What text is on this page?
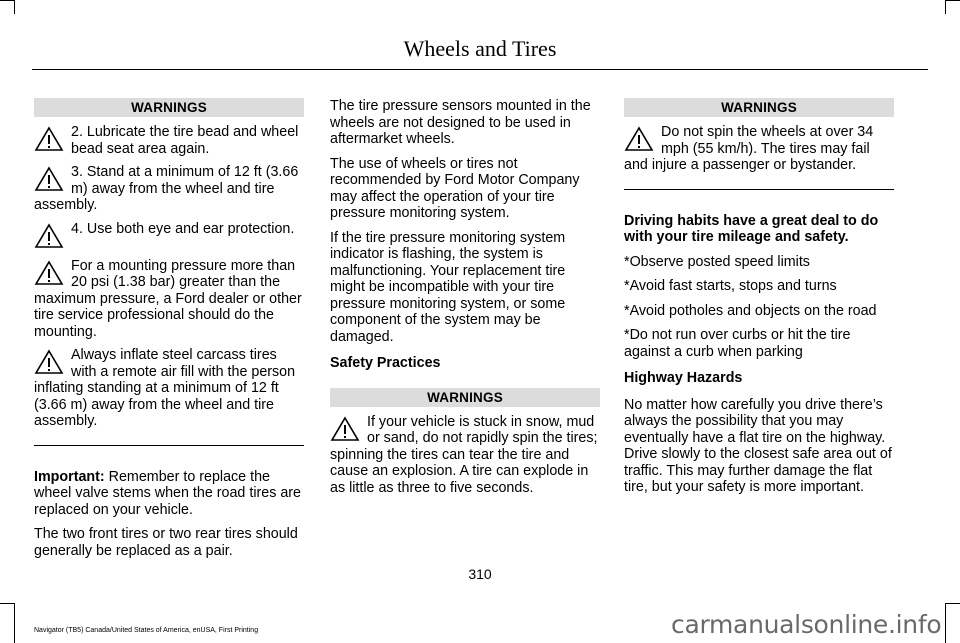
Wheels and Tires
WARNINGS
2. Lubricate the tire bead and wheel bead seat area again.
3. Stand at a minimum of 12 ft (3.66 m) away from the wheel and tire assembly.
4. Use both eye and ear protection.
For a mounting pressure more than 20 psi (1.38 bar) greater than the maximum pressure, a Ford dealer or other tire service professional should do the mounting.
Always inflate steel carcass tires with a remote air fill with the person inflating standing at a minimum of 12 ft (3.66 m) away from the wheel and tire assembly.
Important: Remember to replace the wheel valve stems when the road tires are replaced on your vehicle.
The two front tires or two rear tires should generally be replaced as a pair.
The tire pressure sensors mounted in the wheels are not designed to be used in aftermarket wheels.
The use of wheels or tires not recommended by Ford Motor Company may affect the operation of your tire pressure monitoring system.
If the tire pressure monitoring system indicator is flashing, the system is malfunctioning. Your replacement tire might be incompatible with your tire pressure monitoring system, or some component of the system may be damaged.
Safety Practices
WARNINGS
If your vehicle is stuck in snow, mud or sand, do not rapidly spin the tires; spinning the tires can tear the tire and cause an explosion. A tire can explode in as little as three to five seconds.
WARNINGS
Do not spin the wheels at over 34 mph (55 km/h). The tires may fail and injure a passenger or bystander.
Driving habits have a great deal to do with your tire mileage and safety.
*Observe posted speed limits
*Avoid fast starts, stops and turns
*Avoid potholes and objects on the road
*Do not run over curbs or hit the tire against a curb when parking
Highway Hazards
No matter how carefully you drive there’s always the possibility that you may eventually have a flat tire on the highway. Drive slowly to the closest safe area out of traffic. This may further damage the flat tire, but your safety is more important.
310
Navigator (TB5) Canada/United States of America, enUSA, First Printing	carmanualsonline.info
